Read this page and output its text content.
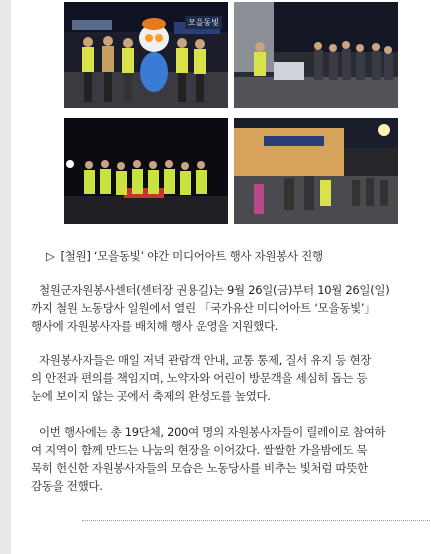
모을동빛

▷ [철원] ‘모을동빛’ 야간 미디어아트 행사 자원봉사 진행

철원군자원봉사센터(센터장 권용길)는 9월 26일(금)부터 10월 26일(일)
까지 철원 노동당사 일원에서 열린 「국가유산 미디어아트 ‘모을동빛’」
행사에 자원봉사자를 배치해 행사 운영을 지원했다.

자원봉사자들은 매일 저녁 관람객 안내, 교통 통제, 질서 유지 등 현장
의 안전과 편의를 책임지며, 노약자와 어린이 방문객을 세심히 돕는 등
눈에 보이지 않는 곳에서 축제의 완성도를 높였다.

이번 행사에는 총 19단체, 200여 명의 자원봉사자들이 릴레이로 참여하
여 지역이 함께 만드는 나눔의 현장을 이어갔다. 쌀쌀한 가을밤에도 묵
묵히 헌신한 자원봉사자들의 모습은 노동당사를 비추는 빛처럼 따뜻한
감동을 전했다.
